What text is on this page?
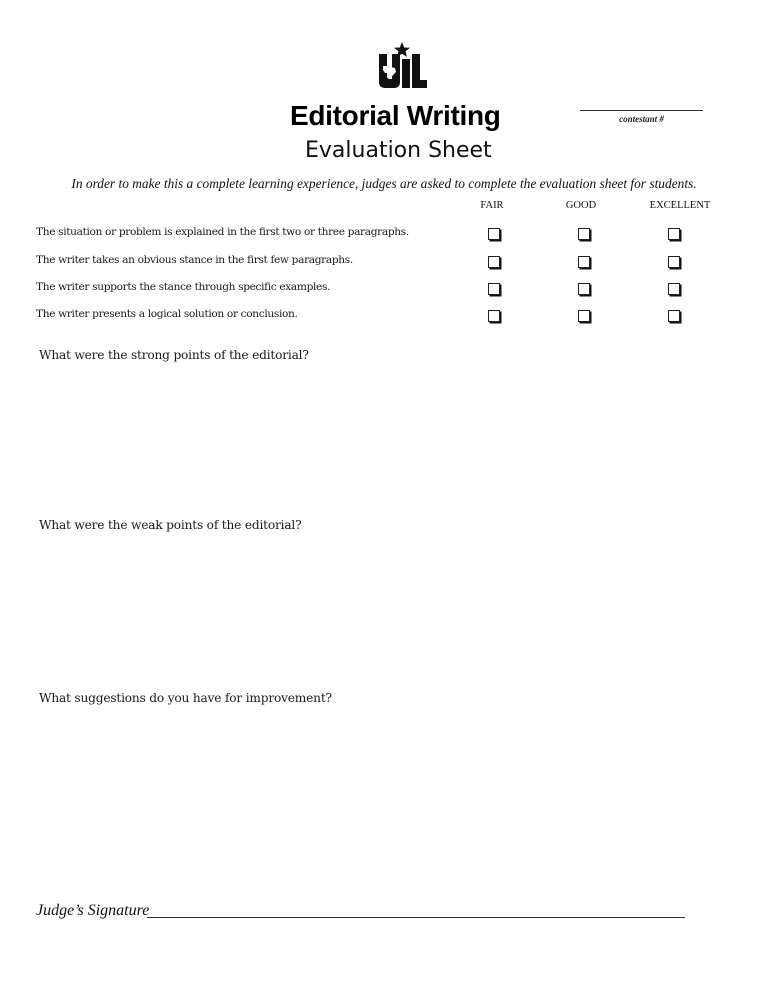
Editorial Writing
Evaluation Sheet
contestant #
In order to make this a complete learning experience, judges are asked to complete the evaluation sheet for students.
FAIR	GOOD	EXCELLENT
The situation or problem is explained in the first two or three paragraphs.
The writer takes an obvious stance in the first few paragraphs.
The writer supports the stance through specific examples.
The writer presents a logical solution or conclusion.
What were the strong points of the editorial?
What were the weak points of the editorial?
What suggestions do you have for improvement?
Judge’s Signature
